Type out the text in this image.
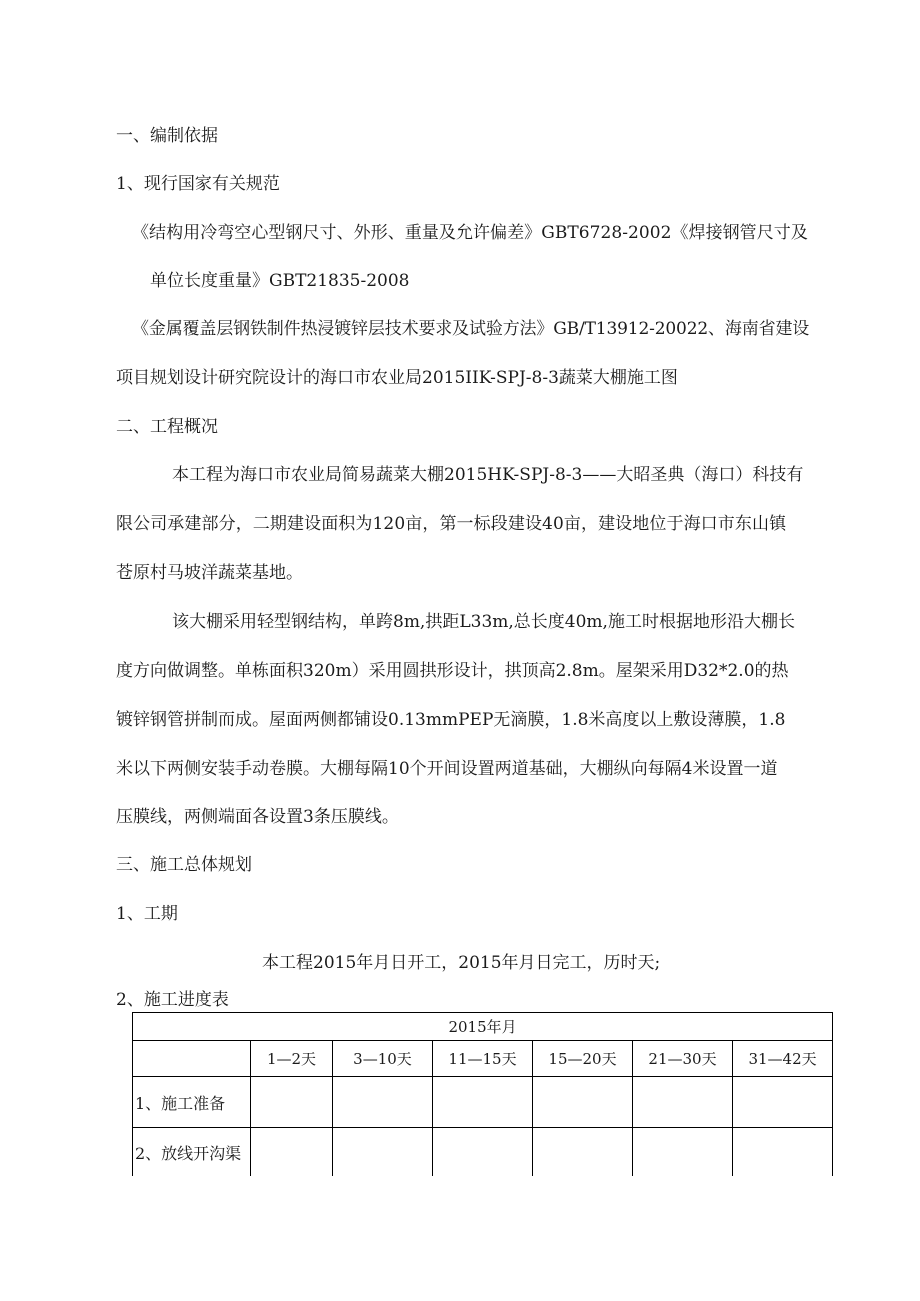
一、编制依据
1、现行国家有关规范
《结构用冷弯空心型钢尺寸、外形、重量及允许偏差》GBT6728-2002《焊接钢管尺寸及
单位长度重量》GBT21835-2008
《金属覆盖层钢铁制件热浸镀锌层技术要求及试验方法》GB/T13912-20022、海南省建设
项目规划设计研究院设计的海口市农业局2015IIK-SPJ-8-3蔬菜大棚施工图
二、工程概况
本工程为海口市农业局简易蔬菜大棚2015HK-SPJ-8-3——大昭圣典（海口）科技有
限公司承建部分，二期建设面积为120亩，第一标段建设40亩，建设地位于海口市东山镇
苍原村马坡洋蔬菜基地。
该大棚采用轻型钢结构，单跨8m,拱距L33m,总长度40m,施工时根据地形沿大棚长
度方向做调整。单栋面积320m）采用圆拱形设计，拱顶高2.8m。屋架采用D32*2.0的热
镀锌钢管拼制而成。屋面两侧都铺设0.13mmPEP无滴膜，1.8米高度以上敷设薄膜，1.8
米以下两侧安装手动卷膜。大棚每隔10个开间设置两道基础，大棚纵向每隔4米设置一道
压膜线，两侧端面各设置3条压膜线。
三、施工总体规划
1、工期
本工程2015年月日开工，2015年月日完工，历时天;
2、施工进度表
2015年月						
	1—2天	3—10天	11—15天	15—20天	21—30天	31—42天
1、施工准备						
2、放线开沟渠						
